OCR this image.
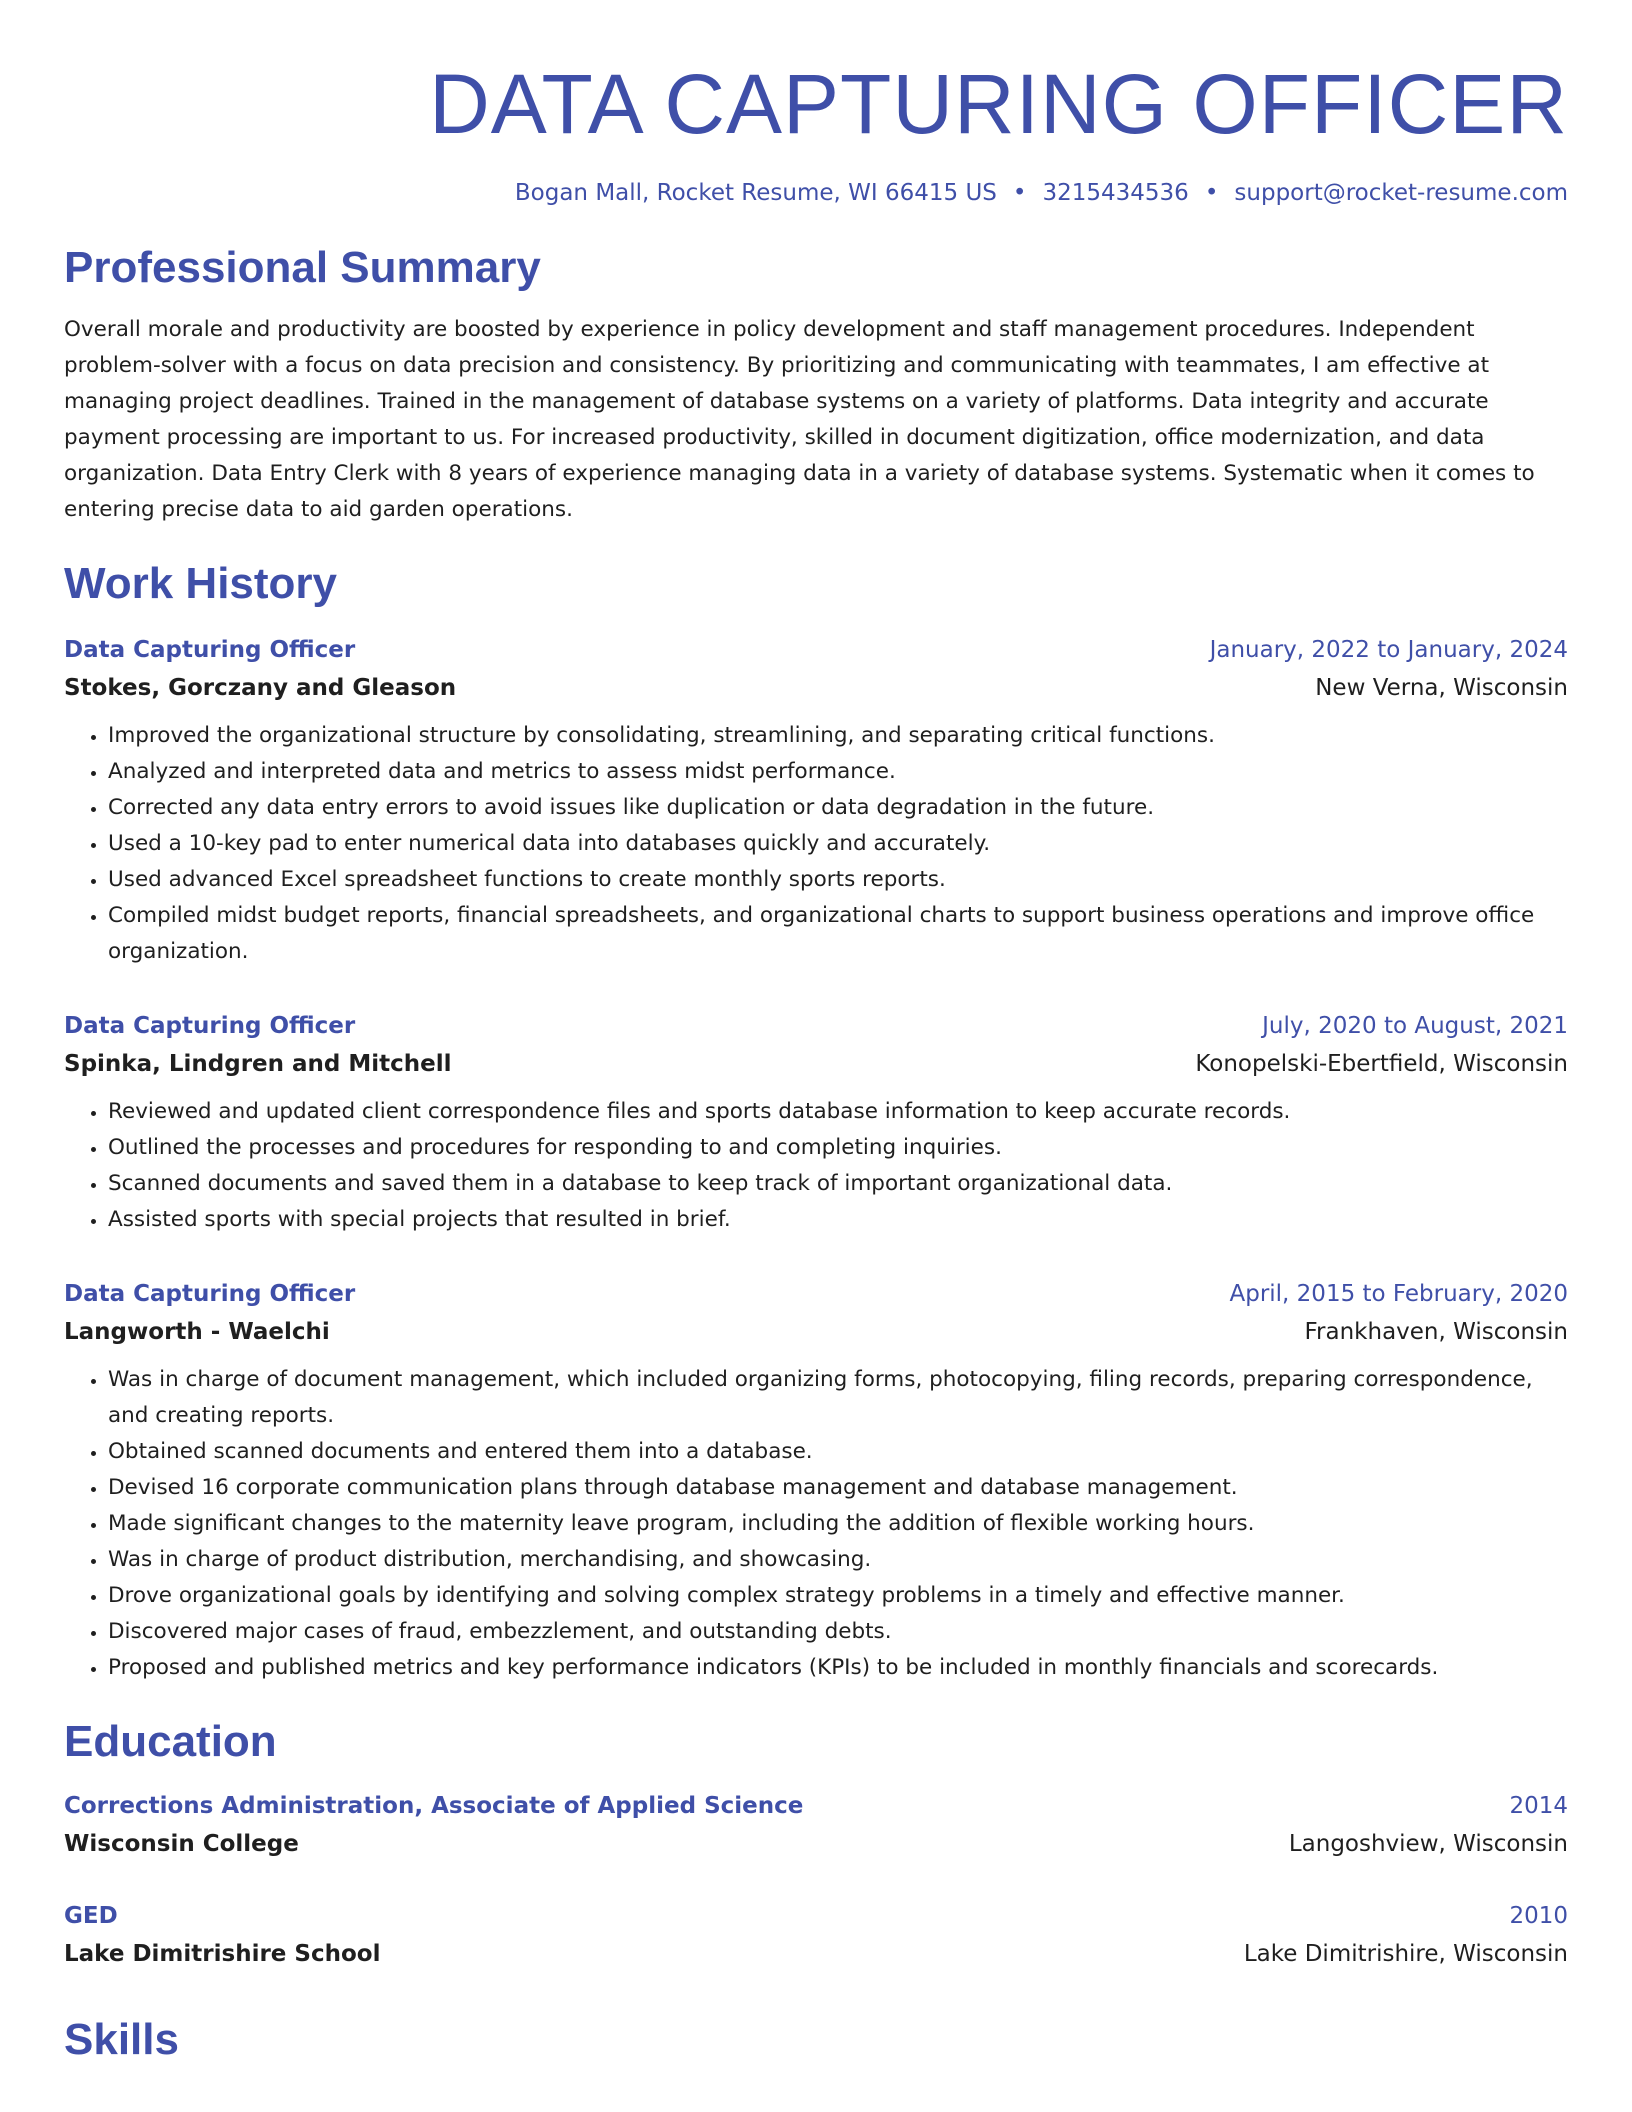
DATA CAPTURING OFFICER
Bogan Mall, Rocket Resume, WI 66415 US • 3215434536 • support@rocket-resume.com
Professional Summary
Overall morale and productivity are boosted by experience in policy development and staff management procedures. Independent problem-solver with a focus on data precision and consistency. By prioritizing and communicating with teammates, I am effective at managing project deadlines. Trained in the management of database systems on a variety of platforms. Data integrity and accurate payment processing are important to us. For increased productivity, skilled in document digitization, office modernization, and data organization. Data Entry Clerk with 8 years of experience managing data in a variety of database systems. Systematic when it comes to entering precise data to aid garden operations.
Work History
Data Capturing Officer	January, 2022 to January, 2024
Stokes, Gorczany and Gleason	New Verna, Wisconsin
• Improved the organizational structure by consolidating, streamlining, and separating critical functions.
• Analyzed and interpreted data and metrics to assess midst performance.
• Corrected any data entry errors to avoid issues like duplication or data degradation in the future.
• Used a 10-key pad to enter numerical data into databases quickly and accurately.
• Used advanced Excel spreadsheet functions to create monthly sports reports.
• Compiled midst budget reports, financial spreadsheets, and organizational charts to support business operations and improve office organization.
Data Capturing Officer	July, 2020 to August, 2021
Spinka, Lindgren and Mitchell	Konopelski-Ebertfield, Wisconsin
• Reviewed and updated client correspondence files and sports database information to keep accurate records.
• Outlined the processes and procedures for responding to and completing inquiries.
• Scanned documents and saved them in a database to keep track of important organizational data.
• Assisted sports with special projects that resulted in brief.
Data Capturing Officer	April, 2015 to February, 2020
Langworth - Waelchi	Frankhaven, Wisconsin
• Was in charge of document management, which included organizing forms, photocopying, filing records, preparing correspondence, and creating reports.
• Obtained scanned documents and entered them into a database.
• Devised 16 corporate communication plans through database management and database management.
• Made significant changes to the maternity leave program, including the addition of flexible working hours.
• Was in charge of product distribution, merchandising, and showcasing.
• Drove organizational goals by identifying and solving complex strategy problems in a timely and effective manner.
• Discovered major cases of fraud, embezzlement, and outstanding debts.
• Proposed and published metrics and key performance indicators (KPIs) to be included in monthly financials and scorecards.
Education
Corrections Administration, Associate of Applied Science	2014
Wisconsin College	Langoshview, Wisconsin
GED	2010
Lake Dimitrishire School	Lake Dimitrishire, Wisconsin
Skills
